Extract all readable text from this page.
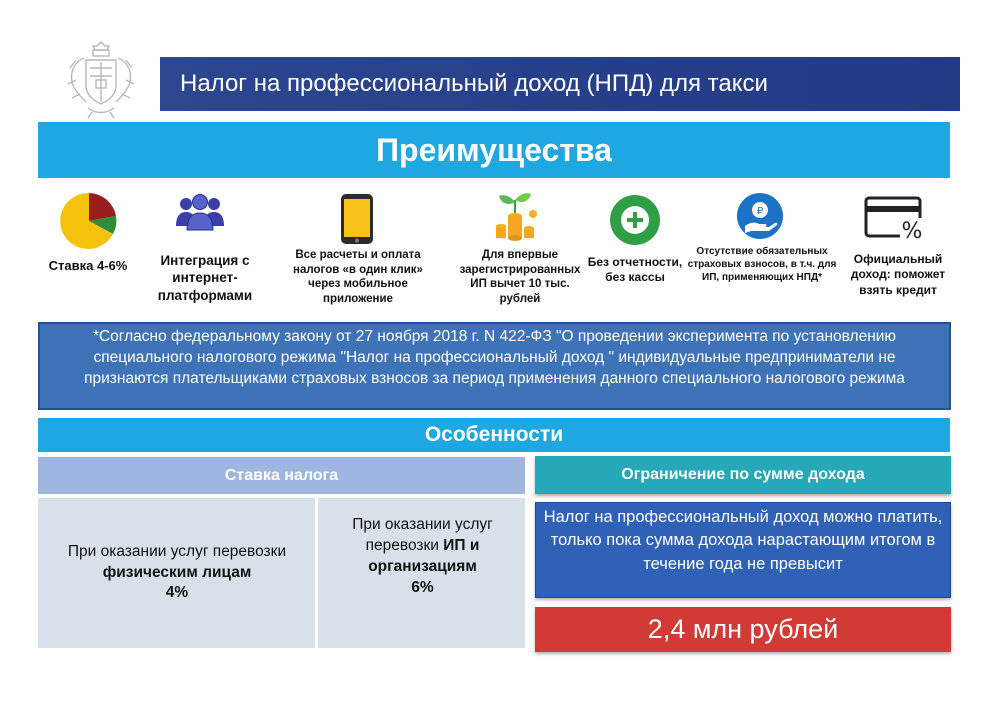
Налог на профессиональный доход (НПД) для такси
Преимущества
Ставка 4-6%	Интеграция с интернет-платформами
Все расчеты и оплата налогов «в один клик» через мобильное приложение
Для впервые зарегистрированных ИП вычет 10 тыс. рублей
Без отчетности, без кассы
₽
Отсутствие обязательных страховых взносов, в т.ч. для ИП, применяющих НПД*
%
Официальный доход: поможет взять кредит
*Согласно федеральному закону от 27 ноября 2018 г. N 422-ФЗ "О проведении эксперимента по установлению специального налогового режима "Налог на профессиональный доход " индивидуальные предприниматели не признаются плательщиками страховых взносов за период применения данного специального налогового режима
Особенности
Ставка налога
При оказании услуг перевозки
физическим лицам
4%
При оказании услуг перевозки ИП и
организациям
6%
Ограничение по сумме дохода
Налог на профессиональный доход можно платить, только пока сумма дохода нарастающим итогом в течение года не превысит
2,4 млн рублей
